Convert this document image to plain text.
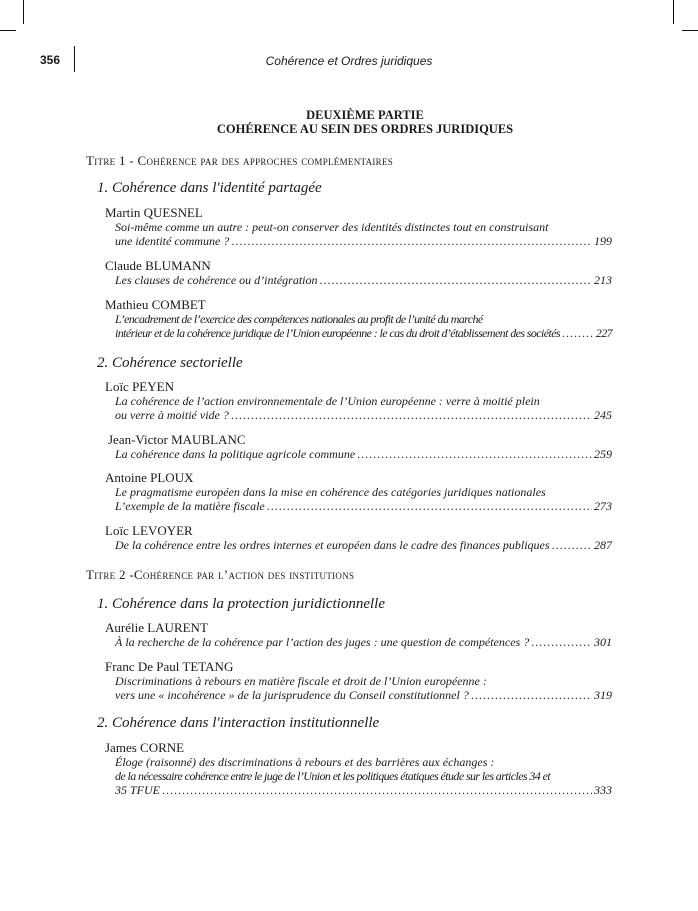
356	Cohérence et Ordres juridiques
DEUXIÈME PARTIE
COHÉRENCE AU SEIN DES ORDRES JURIDIQUES
Titre 1 - Cohérence par des approches complémentaires
1. Cohérence dans l'identité partagée
Martin QUESNEL
Soi-même comme un autre : peut-on conserver des identités distinctes tout en construisant
une identité commune ? .....	199
Claude BLUMANN
Les clauses de cohérence ou d’intégration .....	213
Mathieu COMBET
L’encadrement de l’exercice des compétences nationales au profit de l’unité du marché
intérieur et de la cohérence juridique de l’Union européenne : le cas du droit d’établissement des sociétés .....	227
2. Cohérence sectorielle
Loïc PEYEN
La cohérence de l’action environnementale de l’Union européenne : verre à moitié plein
ou verre à moitié vide ? .....	245
Jean-Victor MAUBLANC
La cohérence dans la politique agricole commune .....	259
Antoine PLOUX
Le pragmatisme européen dans la mise en cohérence des catégories juridiques nationales
L’exemple de la matière fiscale .....	273
Loïc LEVOYER
De la cohérence entre les ordres internes et européen dans le cadre des finances publiques .....	287
Titre 2 -Cohérence par l’action des institutions
1. Cohérence dans la protection juridictionnelle
Aurélie LAURENT
À la recherche de la cohérence par l’action des juges : une question de compétences ? .....	301
Franc De Paul TETANG
Discriminations à rebours en matière fiscale et droit de l’Union européenne :
vers une « incohérence » de la jurisprudence du Conseil constitutionnel ? .....	319
2. Cohérence dans l'interaction institutionnelle
James CORNE
Éloge (raisonné) des discriminations à rebours et des barrières aux échanges :
de la nécessaire cohérence entre le juge de l’Union et les politiques étatiques étude sur les articles 34 et
35 TFUE .....	333
